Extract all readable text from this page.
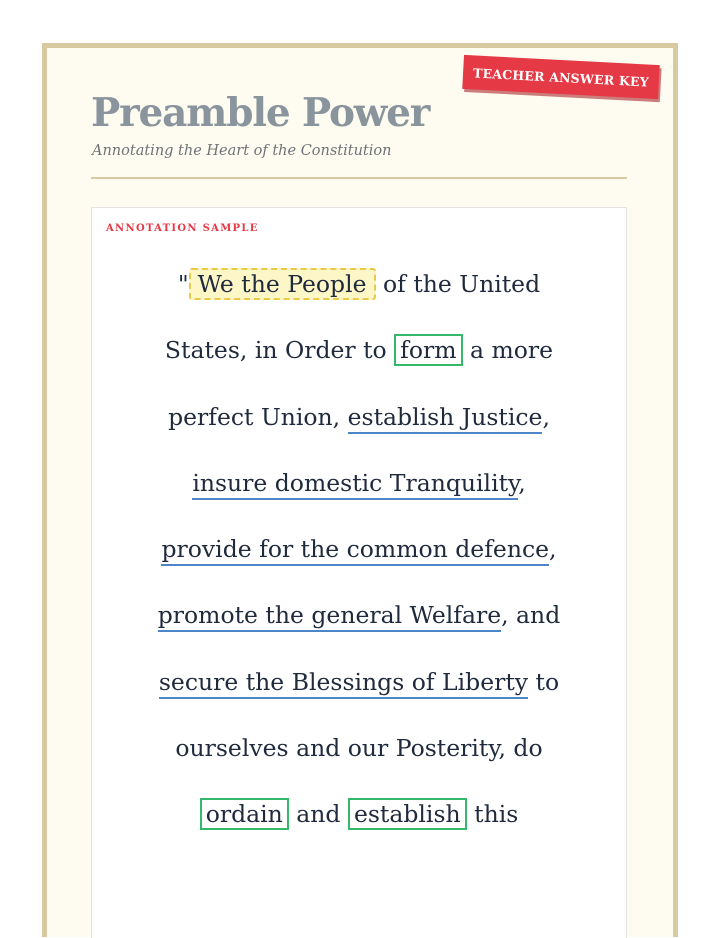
TEACHER ANSWER KEY
Preamble Power
Annotating the Heart of the Constitution
ANNOTATION SAMPLE
" We the People of the United
States, in Order to form a more
perfect Union, establish Justice,
insure domestic Tranquility,
provide for the common defence,
promote the general Welfare, and
secure the Blessings of Liberty to
ourselves and our Posterity, do
ordain and establish this
